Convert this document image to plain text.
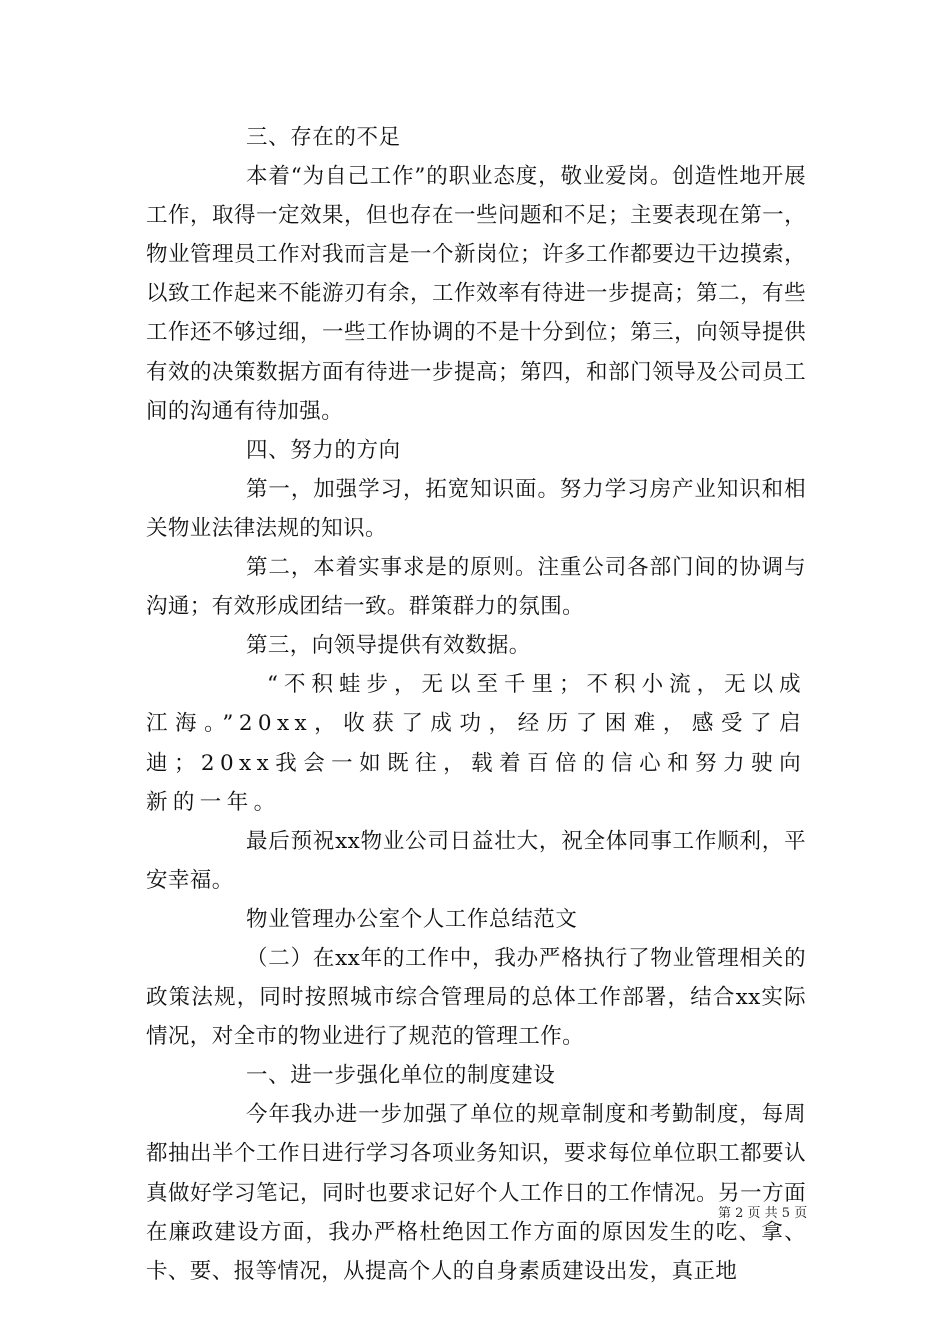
三、存在的不足

本着“为自己工作”的职业态度，敬业爱岗。创造性地开展工作，取得一定效果，但也存在一些问题和不足；主要表现在第一，物业管理员工作对我而言是一个新岗位；许多工作都要边干边摸索，以致工作起来不能游刃有余，工作效率有待进一步提高；第二，有些工作还不够过细，一些工作协调的不是十分到位；第三，向领导提供有效的决策数据方面有待进一步提高；第四，和部门领导及公司员工间的沟通有待加强。

四、努力的方向

第一，加强学习，拓宽知识面。努力学习房产业知识和相关物业法律法规的知识。

第二，本着实事求是的原则。注重公司各部门间的协调与沟通；有效形成团结一致。群策群力的氛围。

第三，向领导提供有效数据。

“不积蛙步，无以至千里；不积小流，无以成江海。”20xx，收获了成功，经历了困难，感受了启迪；20xx我会一如既往，载着百倍的信心和努力驶向新的一年。

最后预祝xx物业公司日益壮大，祝全体同事工作顺利，平安幸福。

物业管理办公室个人工作总结范文

（二）在xx年的工作中，我办严格执行了物业管理相关的政策法规，同时按照城市综合管理局的总体工作部署，结合xx实际情况，对全市的物业进行了规范的管理工作。

一、进一步强化单位的制度建设

今年我办进一步加强了单位的规章制度和考勤制度，每周都抽出半个工作日进行学习各项业务知识，要求每位单位职工都要认真做好学习笔记，同时也要求记好个人工作日的工作情况。另一方面在廉政建设方面，我办严格杜绝因工作方面的原因发生的吃、拿、卡、要、报等情况，从提高个人的自身素质建设出发，真正地

第 2 页 共 5 页
